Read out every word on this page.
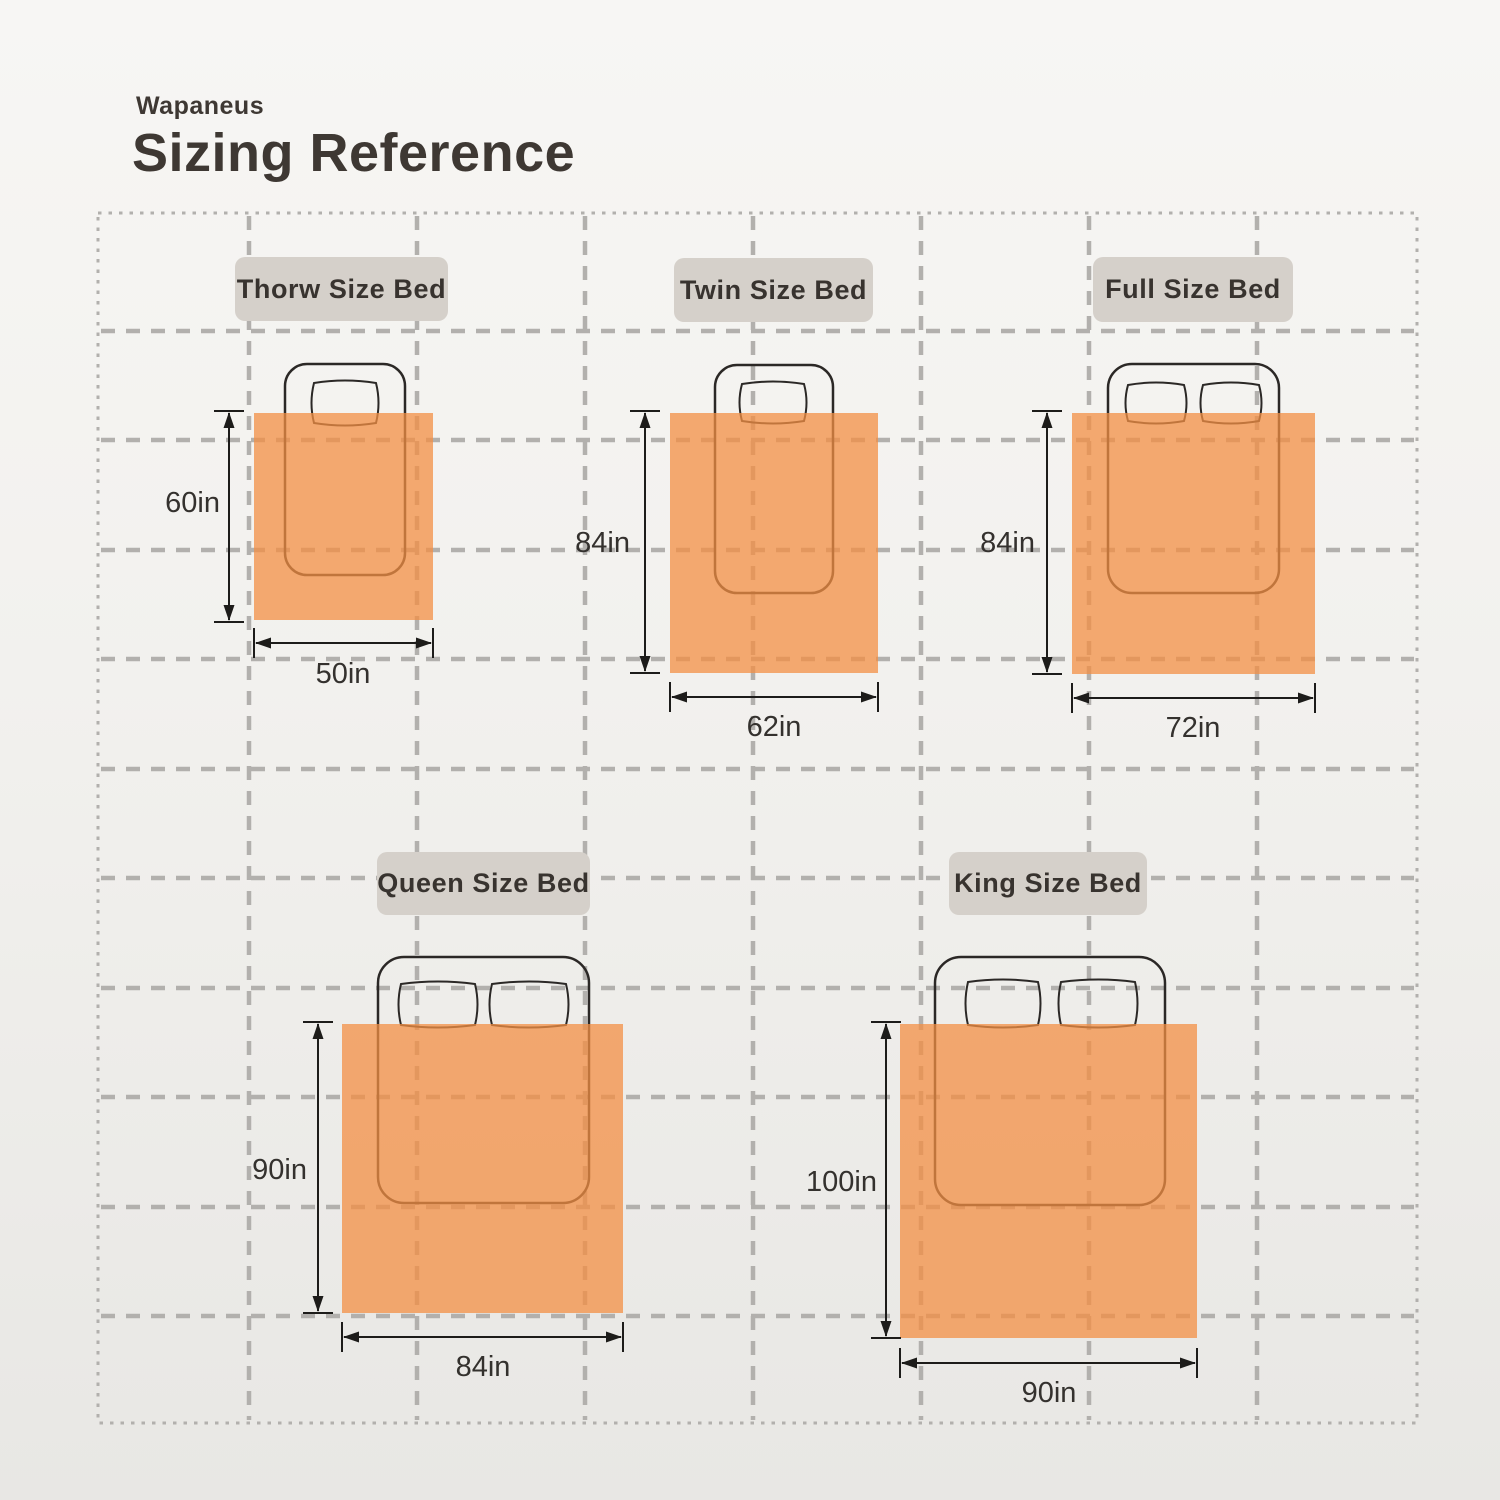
Wapaneus
Sizing Reference
Thorw Size Bed
60in
50in
Twin Size Bed
84in
62in
Full Size Bed
84in
72in
Queen Size Bed
90in
84in
King Size Bed
100in
90in
